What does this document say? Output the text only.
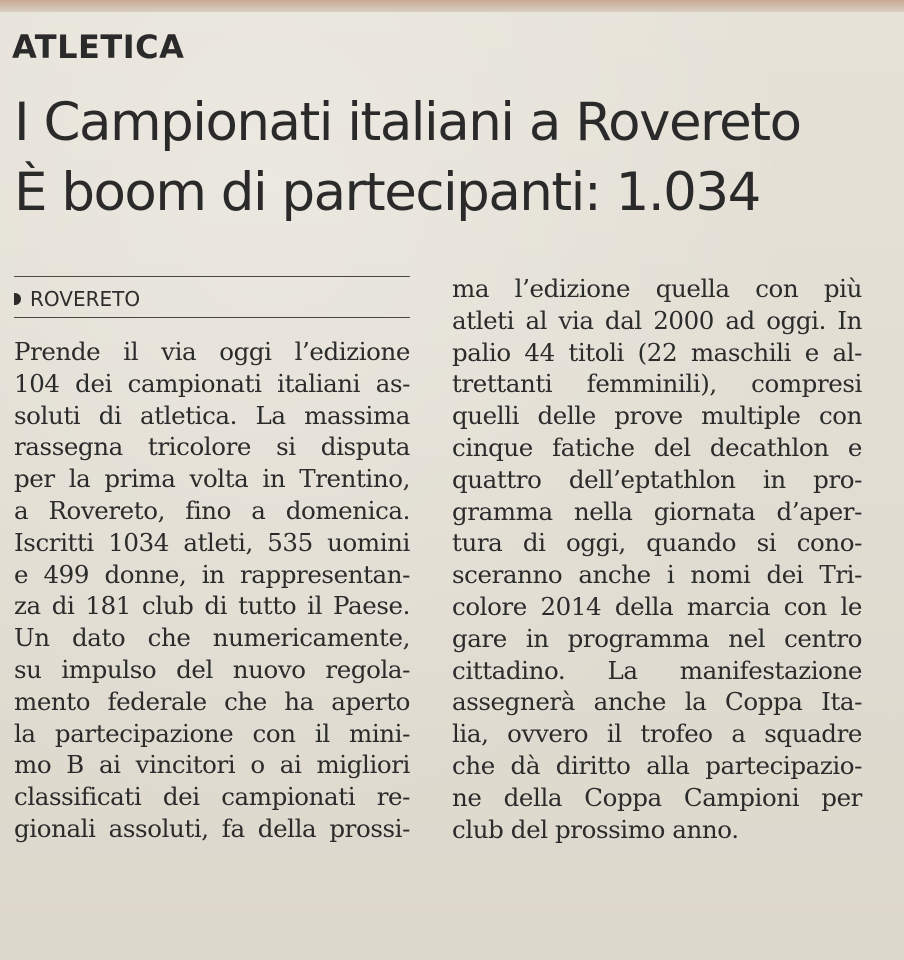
ATLETICA
I Campionati italiani a Rovereto
È boom di partecipanti: 1.034
ROVERETO
Prende il via oggi l’edizione
104 dei campionati italiani as-
soluti di atletica. La massima
rassegna tricolore si disputa
per la prima volta in Trentino,
a Rovereto, fino a domenica.
Iscritti 1034 atleti, 535 uomini
e 499 donne, in rappresentan-
za di 181 club di tutto il Paese.
Un dato che numericamente,
su impulso del nuovo regola-
mento federale che ha aperto
la partecipazione con il mini-
mo B ai vincitori o ai migliori
classificati dei campionati re-
gionali assoluti, fa della prossi-
ma l’edizione quella con più
atleti al via dal 2000 ad oggi. In
palio 44 titoli (22 maschili e al-
trettanti femminili), compresi
quelli delle prove multiple con
cinque fatiche del decathlon e
quattro dell’eptathlon in pro-
gramma nella giornata d’aper-
tura di oggi, quando si cono-
sceranno anche i nomi dei Tri-
colore 2014 della marcia con le
gare in programma nel centro
cittadino. La manifestazione
assegnerà anche la Coppa Ita-
lia, ovvero il trofeo a squadre
che dà diritto alla partecipazio-
ne della Coppa Campioni per
club del prossimo anno.
